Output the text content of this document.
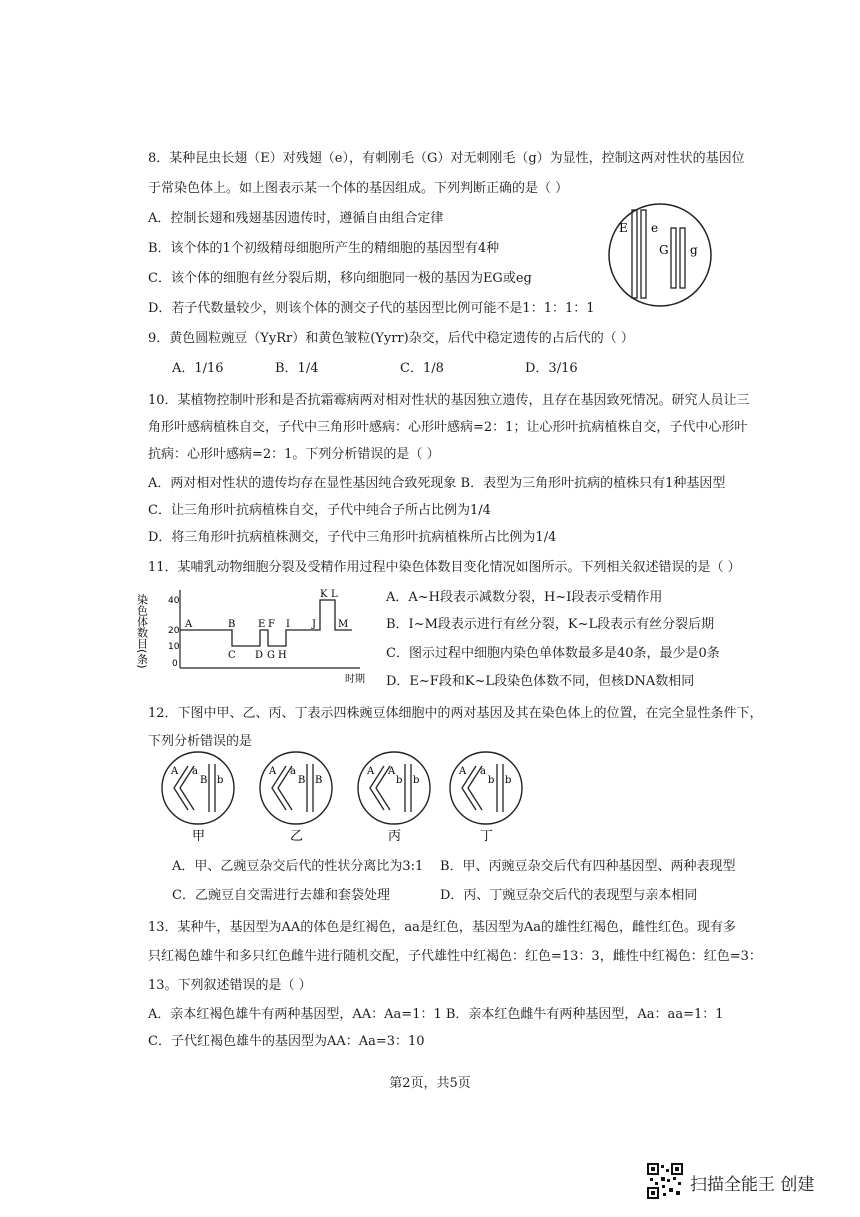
8．某种昆虫长翅（E）对残翅（e），有刺刚毛（G）对无刺刚毛（g）为显性，控制这两对性状的基因位
于常染色体上。如上图表示某一个体的基因组成。下列判断正确的是（ ）
A．控制长翅和残翅基因遗传时，遵循自由组合定律
B．该个体的1个初级精母细胞所产生的精细胞的基因型有4种
C．该个体的细胞有丝分裂后期，移向细胞同一极的基因为EG或eg
D．若子代数量较少，则该个体的测交子代的基因型比例可能不是1：1：1：1
E e
G g
9．黄色圆粒豌豆（YyRr）和黄色皱粒(Yyrr)杂交，后代中稳定遗传的占后代的（ ）
A．1/16	B．1/4	C．1/8	D．3/16
10．某植物控制叶形和是否抗霜霉病两对相对性状的基因独立遗传，且存在基因致死情况。研究人员让三
角形叶感病植株自交，子代中三角形叶感病：心形叶感病=2：1；让心形叶抗病植株自交，子代中心形叶
抗病：心形叶感病=2：1。下列分析错误的是（ ）
A．两对相对性状的遗传均存在显性基因纯合致死现象 B．表型为三角形叶抗病的植株只有1种基因型
C．让三角形叶抗病植株自交，子代中纯合子所占比例为1/4
D．将三角形叶抗病植株测交，子代中三角形叶抗病植株所占比例为1/4
11．某哺乳动物细胞分裂及受精作用过程中染色体数目变化情况如图所示。下列相关叙述错误的是（ ）
染色体数目(条) 40
20
10
0
A	B
C D
E F
G H
I J
K L
M
时期
A．A~H段表示减数分裂，H~I段表示受精作用
B．I~M段表示进行有丝分裂，K~L段表示有丝分裂后期
C．图示过程中细胞内染色单体数最多是40条，最少是0条
D．E~F段和K~L段染色体数不同，但核DNA数相同
12．下图中甲、乙、丙、丁表示四株豌豆体细胞中的两对基因及其在染色体上的位置，在完全显性条件下，
下列分析错误的是
A a
B b
甲
A a
B B
乙
A A
b b
丙
A a
b b
丁
A．甲、乙豌豆杂交后代的性状分离比为3:1 B．甲、丙豌豆杂交后代有四种基因型、两种表现型
C．乙豌豆自交需进行去雄和套袋处理	D．丙、丁豌豆杂交后代的表现型与亲本相同
13．某种牛，基因型为AA的体色是红褐色，aa是红色，基因型为Aa的雄性红褐色，雌性红色。现有多
只红褐色雄牛和多只红色雌牛进行随机交配，子代雄性中红褐色：红色=13：3，雌性中红褐色：红色=3：
13。下列叙述错误的是（ ）
A．亲本红褐色雄牛有两种基因型，AA：Aa=1：1 B．亲本红色雌牛有两种基因型，Aa：aa=1：1
C．子代红褐色雄牛的基因型为AA：Aa=3：10
第2页，共5页
扫描全能王 创建
